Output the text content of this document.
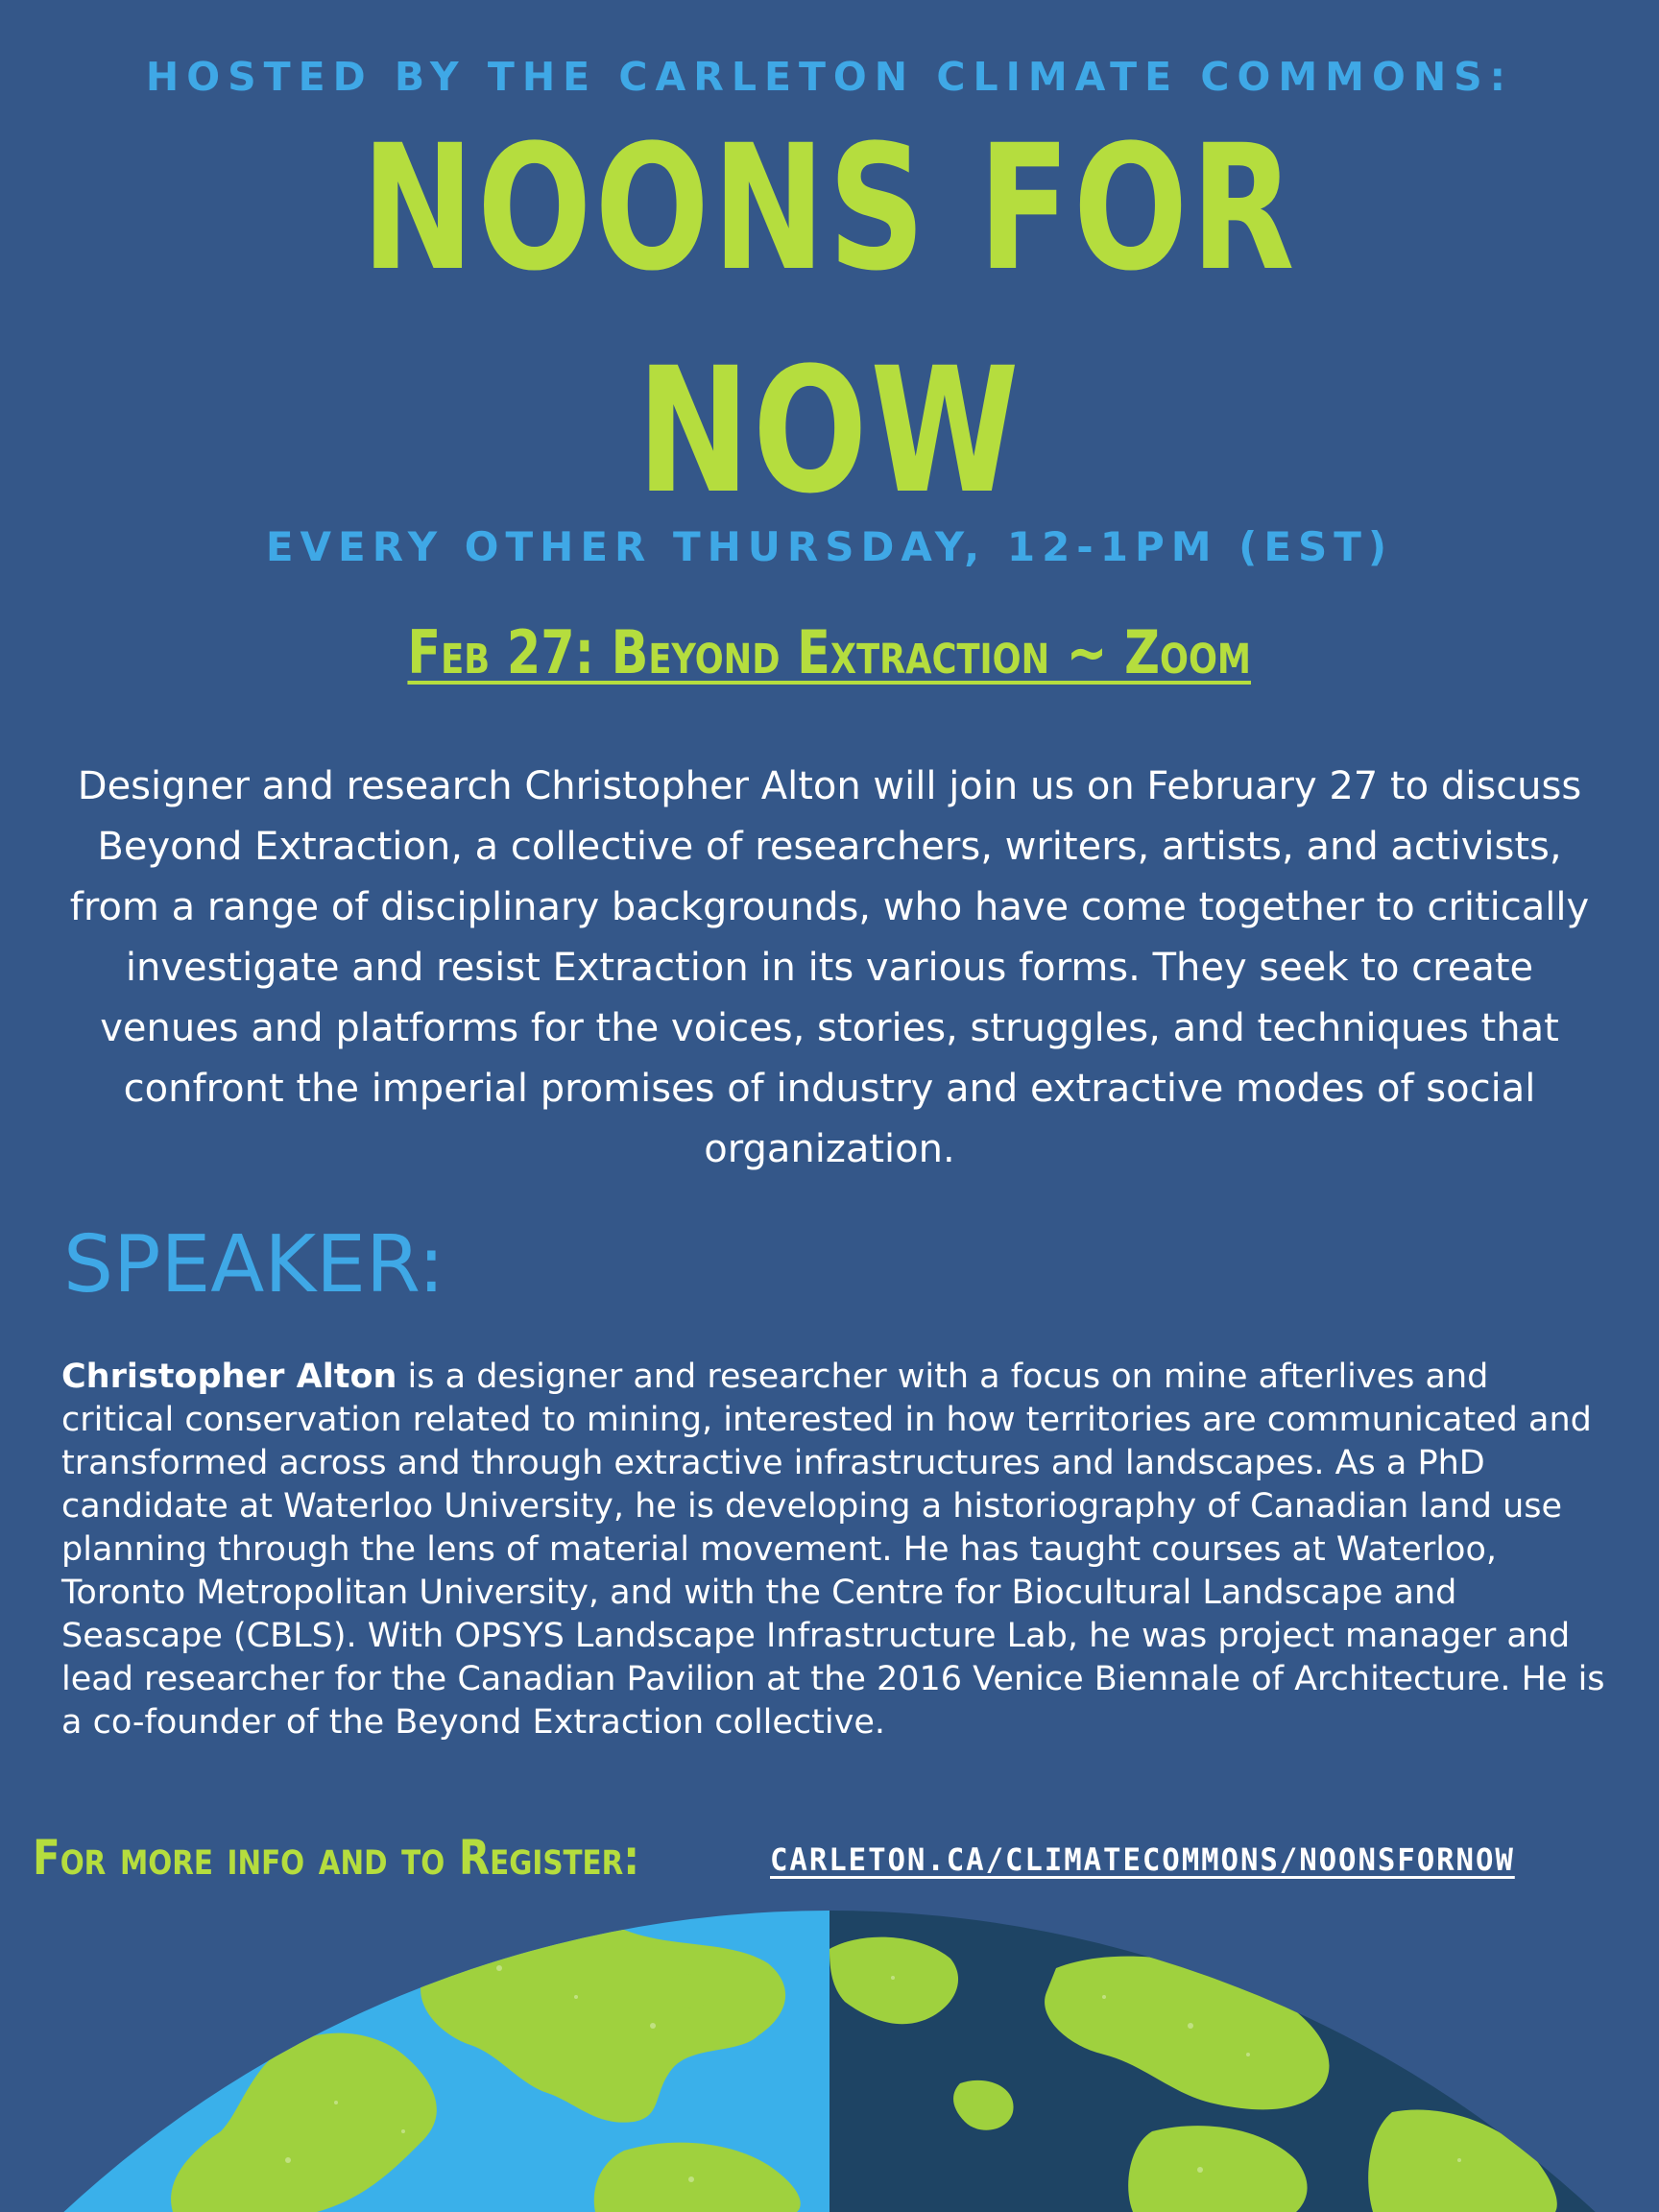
HOSTED BY THE CARLETON CLIMATE COMMONS:
NOONS FOR
NOW
EVERY OTHER THURSDAY, 12-1PM (EST)
Feb 27: Beyond Extraction ~ Zoom
Designer and research Christopher Alton will join us on February 27 to discuss Beyond Extraction, a collective of researchers, writers, artists, and activists, from a range of disciplinary backgrounds, who have come together to critically investigate and resist Extraction in its various forms. They seek to create venues and platforms for the voices, stories, struggles, and techniques that confront the imperial promises of industry and extractive modes of social organization.
SPEAKER:
Christopher Alton is a designer and researcher with a focus on mine afterlives and critical conservation related to mining, interested in how territories are communicated and transformed across and through extractive infrastructures and landscapes. As a PhD candidate at Waterloo University, he is developing a historiography of Canadian land use planning through the lens of material movement. He has taught courses at Waterloo, Toronto Metropolitan University, and with the Centre for Biocultural Landscape and Seascape (CBLS). With OPSYS Landscape Infrastructure Lab, he was project manager and lead researcher for the Canadian Pavilion at the 2016 Venice Biennale of Architecture. He is a co-founder of the Beyond Extraction collective.
For more info and to Register:	CARLETON.CA/CLIMATECOMMONS/NOONSFORNOW
